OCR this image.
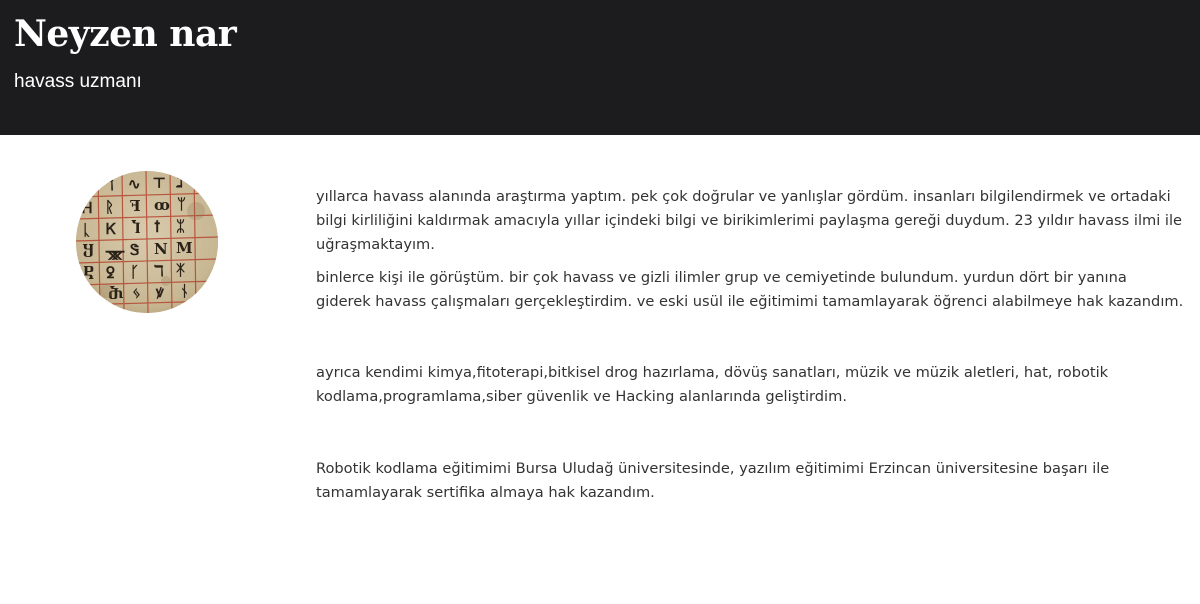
Neyzen nar

havass uzmanı

ᚲ ℸ ∿ ⊤ ℷ
Ꮋ ᚱ ꟻ ꝏ ᛘ
ᚳ Ꮶ Ⴈ ꝉ ᛯ
Ⴘ ᚘ Ꮥ Ν Μ
Ⴒ ꝿ ᚴ ℸ ᛡ
ᛏ Ⴋ ᛃ ꝟ ᚾ

yıllarca havass alanında araştırma yaptım. pek çok doğrular ve yanlışlar gördüm. insanları bilgilendirmek ve ortadaki bilgi kirliliğini kaldırmak amacıyla yıllar içindeki bilgi ve birikimlerimi paylaşma gereği duydum. 23 yıldır havass ilmi ile uğraşmaktayım.

binlerce kişi ile görüştüm. bir çok havass ve gizli ilimler grup ve cemiyetinde bulundum. yurdun dört bir yanına giderek havass çalışmaları gerçekleştirdim. ve eski usül ile eğitimimi tamamlayarak öğrenci alabilmeye hak kazandım.

ayrıca kendimi kimya,fitoterapi,bitkisel drog hazırlama, dövüş sanatları, müzik ve müzik aletleri, hat, robotik kodlama,programlama,siber güvenlik ve Hacking alanlarında geliştirdim.

Robotik kodlama eğitimimi Bursa Uludağ üniversitesinde, yazılım eğitimimi Erzincan üniversitesine başarı ile tamamlayarak sertifika almaya hak kazandım.
